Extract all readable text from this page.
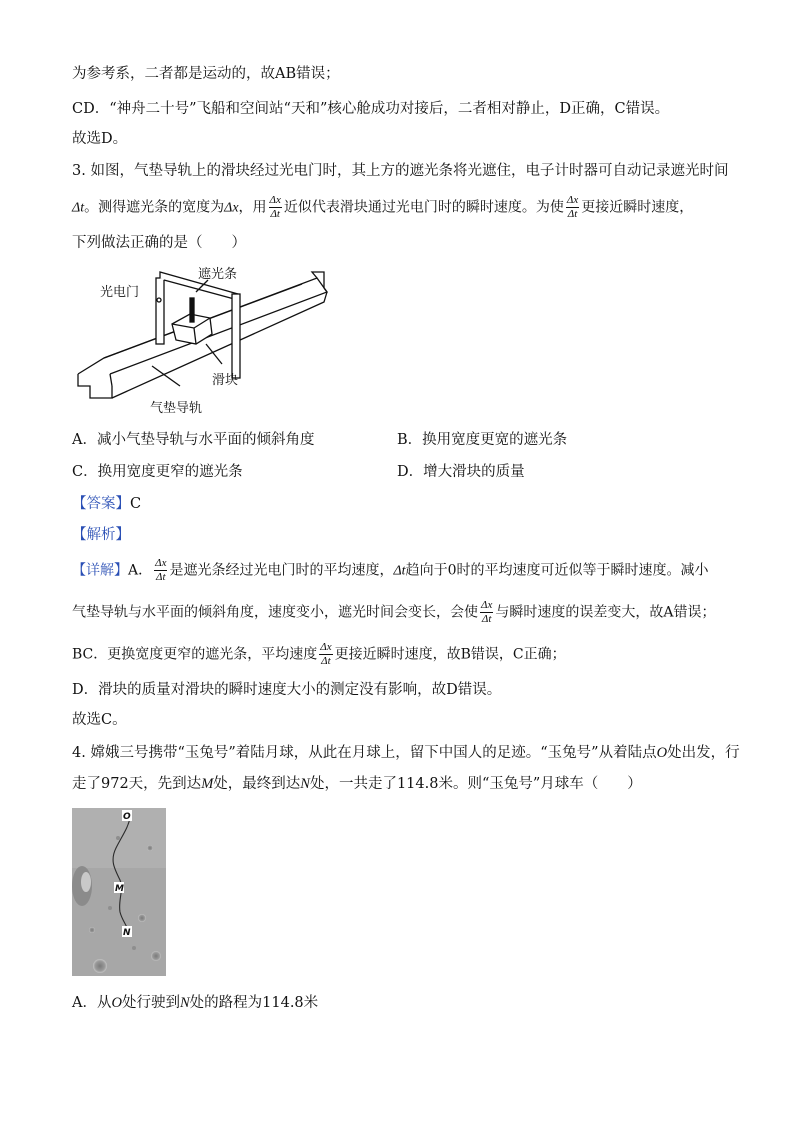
为参考系，二者都是运动的，故AB错误；
CD．“神舟二十号”飞船和空间站“天和”核心舱成功对接后，二者相对静止，D正确，C错误。
故选D。
3. 如图，气垫导轨上的滑块经过光电门时，其上方的遮光条将光遮住，电子计时器可自动记录遮光时间
Δt。测得遮光条的宽度为Δx，用 $\frac{\Delta x}{\Delta t}$ 近似代表滑块通过光电门时的瞬时速度。为使 $\frac{\Delta x}{\Delta t}$ 更接近瞬时速度，
下列做法正确的是（　　）
遮光条
光电门
滑块
气垫导轨
A．减小气垫导轨与水平面的倾斜角度	B．换用宽度更宽的遮光条
C．换用宽度更窄的遮光条	D．增大滑块的质量
【答案】C
【解析】
【详解】A． $\frac{\Delta x}{\Delta t}$ 是遮光条经过光电门时的平均速度，Δt趋向于0时的平均速度可近似等于瞬时速度。减小
气垫导轨与水平面的倾斜角度，速度变小，遮光时间会变长，会使 $\frac{\Delta x}{\Delta t}$ 与瞬时速度的误差变大，故A错误；
BC．更换宽度更窄的遮光条，平均速度 $\frac{\Delta x}{\Delta t}$ 更接近瞬时速度，故B错误，C正确；
D．滑块的质量对滑块的瞬时速度大小的测定没有影响，故D错误。
故选C。
4. 嫦娥三号携带“玉兔号”着陆月球，从此在月球上，留下中国人的足迹。“玉兔号”从着陆点O处出发，行
走了972天，先到达M处，最终到达N处，一共走了114.8米。则“玉兔号”月球车（　　）
O
M
N
A．从O处行驶到N处的路程为114.8米
